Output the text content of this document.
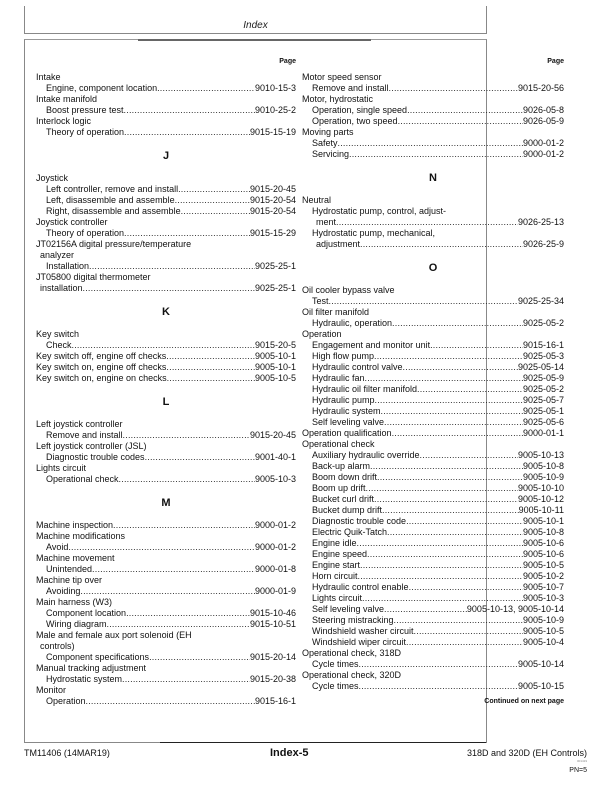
Index
Page
Intake
Engine, component location .....	9010-15-3
Intake manifold
Boost pressure test .....	9010-25-2
Interlock logic
Theory of operation .....	9015-15-19
J
Joystick
Left controller, remove and install .....	9015-20-45
Left, disassemble and assemble .....	9015-20-54
Right, disassemble and assemble .....	9015-20-54
Joystick controller
Theory of operation .....	9015-15-29
JT02156A digital pressure/temperature
analyzer
Installation .....	9025-25-1
JT05800 digital thermometer
installation .....	9025-25-1
K
Key switch
Check .....	9015-20-5
Key switch off, engine off checks .....	9005-10-1
Key switch on, engine off checks .....	9005-10-1
Key switch on, engine on checks .....	9005-10-5
L
Left joystick controller
Remove and install .....	9015-20-45
Left joystick controller (JSL)
Diagnostic trouble codes .....	9001-40-1
Lights circuit
Operational check .....	9005-10-3
M
Machine inspection .....	9000-01-2
Machine modifications
Avoid .....	9000-01-2
Machine movement
Unintended .....	9000-01-8
Machine tip over
Avoiding .....	9000-01-9
Main harness (W3)
Component location .....	9015-10-46
Wiring diagram .....	9015-10-51
Male and female aux port solenoid (EH
controls)
Component specifications .....	9015-20-14
Manual tracking adjustment
Hydrostatic system .....	9015-20-38
Monitor
Operation .....	9015-16-1
Page
Motor speed sensor
Remove and install .....	9015-20-56
Motor, hydrostatic
Operation, single speed .....	9026-05-8
Operation, two speed .....	9026-05-9
Moving parts
Safety .....	9000-01-2
Servicing .....	9000-01-2
N
Neutral
Hydrostatic pump, control, adjust-
ment .....	9026-25-13
Hydrostatic pump, mechanical,
adjustment .....	9026-25-9
O
Oil cooler bypass valve
Test .....	9025-25-34
Oil filter manifold
Hydraulic, operation .....	9025-05-2
Operation
Engagement and monitor unit .....	9015-16-1
High flow pump .....	9025-05-3
Hydraulic control valve .....	9025-05-14
Hydraulic fan .....	9025-05-9
Hydraulic oil filter manifold .....	9025-05-2
Hydraulic pump .....	9025-05-7
Hydraulic system .....	9025-05-1
Self leveling valve .....	9025-05-6
Operation qualification .....	9000-01-1
Operational check
Auxiliary hydraulic override .....	9005-10-13
Back-up alarm .....	9005-10-8
Boom down drift .....	9005-10-9
Boom up drift .....	9005-10-10
Bucket curl drift .....	9005-10-12
Bucket dump drift .....	9005-10-11
Diagnostic trouble code .....	9005-10-1
Electric Quik-Tatch .....	9005-10-8
Engine idle .....	9005-10-6
Engine speed .....	9005-10-6
Engine start .....	9005-10-5
Horn circuit .....	9005-10-2
Hydraulic control enable .....	9005-10-7
Lights circuit .....	9005-10-3
Self leveling valve .....	9005-10-13, 9005-10-14
Steering mistracking .....	9005-10-9
Windshield washer circuit .....	9005-10-5
Windshield wiper circuit .....	9005-10-4
Operational check, 318D
Cycle times .....	9005-10-14
Operational check, 320D
Cycle times .....	9005-10-15
Continued on next page
TM11406 (14MAR19)	Index-5	318D and 320D (EH Controls)
001419
PN=5
